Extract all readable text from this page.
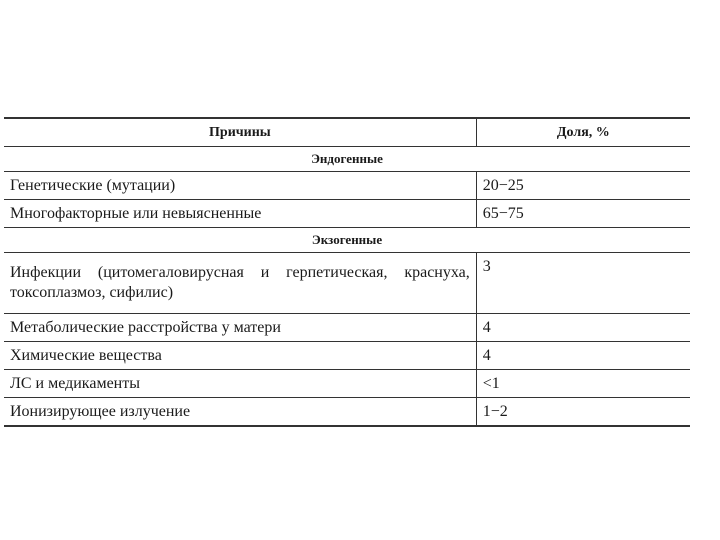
Причины	Доля, %
Эндогенные	
Генетические (мутации)	20−25
Многофакторные или невыясненные	65−75
Экзогенные	
Инфекции (цитомегаловирусная и герпетическая, краснуха, токсоплазмоз, сифилис)	3
Метаболические расстройства у матери	4
Химические вещества	4
ЛС и медикаменты	<1
Ионизирующее излучение	1−2
